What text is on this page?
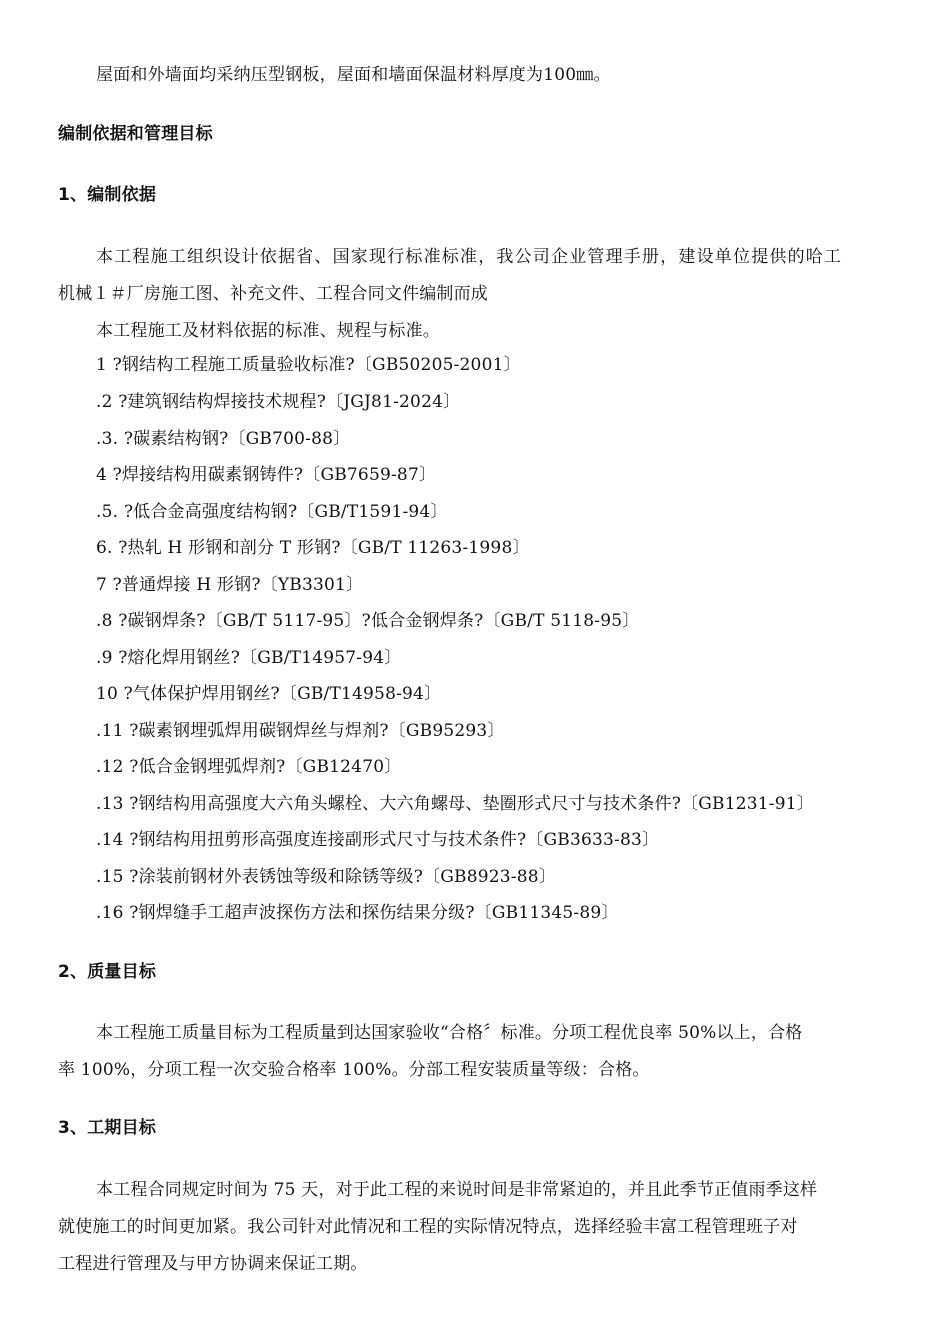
屋面和外墙面均采纳压型钢板，屋面和墙面保温材料厚度为100㎜。
编制依据和管理目标
1、编制依据
本工程施工组织设计依据省、国家现行标准标准，我公司企业管理手册，建设单位提供的哈工
机械１＃厂房施工图、补充文件、工程合同文件编制而成
本工程施工及材料依据的标准、规程与标准。
1 ?钢结构工程施工质量验收标准?〔GB50205-2001〕
.2 ?建筑钢结构焊接技术规程?〔JGJ81-2024〕
.3. ?碳素结构钢?〔GB700-88〕
4 ?焊接结构用碳素钢铸件?〔GB7659-87〕
.5. ?低合金高强度结构钢?〔GB/T1591-94〕
6. ?热轧 H 形钢和剖分 T 形钢?〔GB/T 11263-1998〕
7 ?普通焊接 H 形钢?〔YB3301〕
.8 ?碳钢焊条?〔GB/T 5117-95〕?低合金钢焊条?〔GB/T 5118-95〕
.9 ?熔化焊用钢丝?〔GB/T14957-94〕
10 ?气体保护焊用钢丝?〔GB/T14958-94〕
.11 ?碳素钢埋弧焊用碳钢焊丝与焊剂?〔GB95293〕
.12 ?低合金钢埋弧焊剂?〔GB12470〕
.13 ?钢结构用高强度大六角头螺栓、大六角螺母、垫圈形式尺寸与技术条件?〔GB1231-91〕
.14 ?钢结构用扭剪形高强度连接副形式尺寸与技术条件?〔GB3633-83〕
.15 ?涂装前钢材外表锈蚀等级和除锈等级?〔GB8923-88〕
.16 ?钢焊缝手工超声波探伤方法和探伤结果分级?〔GB11345-89〕
2、质量目标
本工程施工质量目标为工程质量到达国家验收“合格〞标准。分项工程优良率 50%以上，合格
率 100%，分项工程一次交验合格率 100%。分部工程安装质量等级：合格。
3、工期目标
本工程合同规定时间为 75 天，对于此工程的来说时间是非常紧迫的，并且此季节正值雨季这样
就使施工的时间更加紧。我公司针对此情况和工程的实际情况特点，选择经验丰富工程管理班子对
工程进行管理及与甲方协调来保证工期。
